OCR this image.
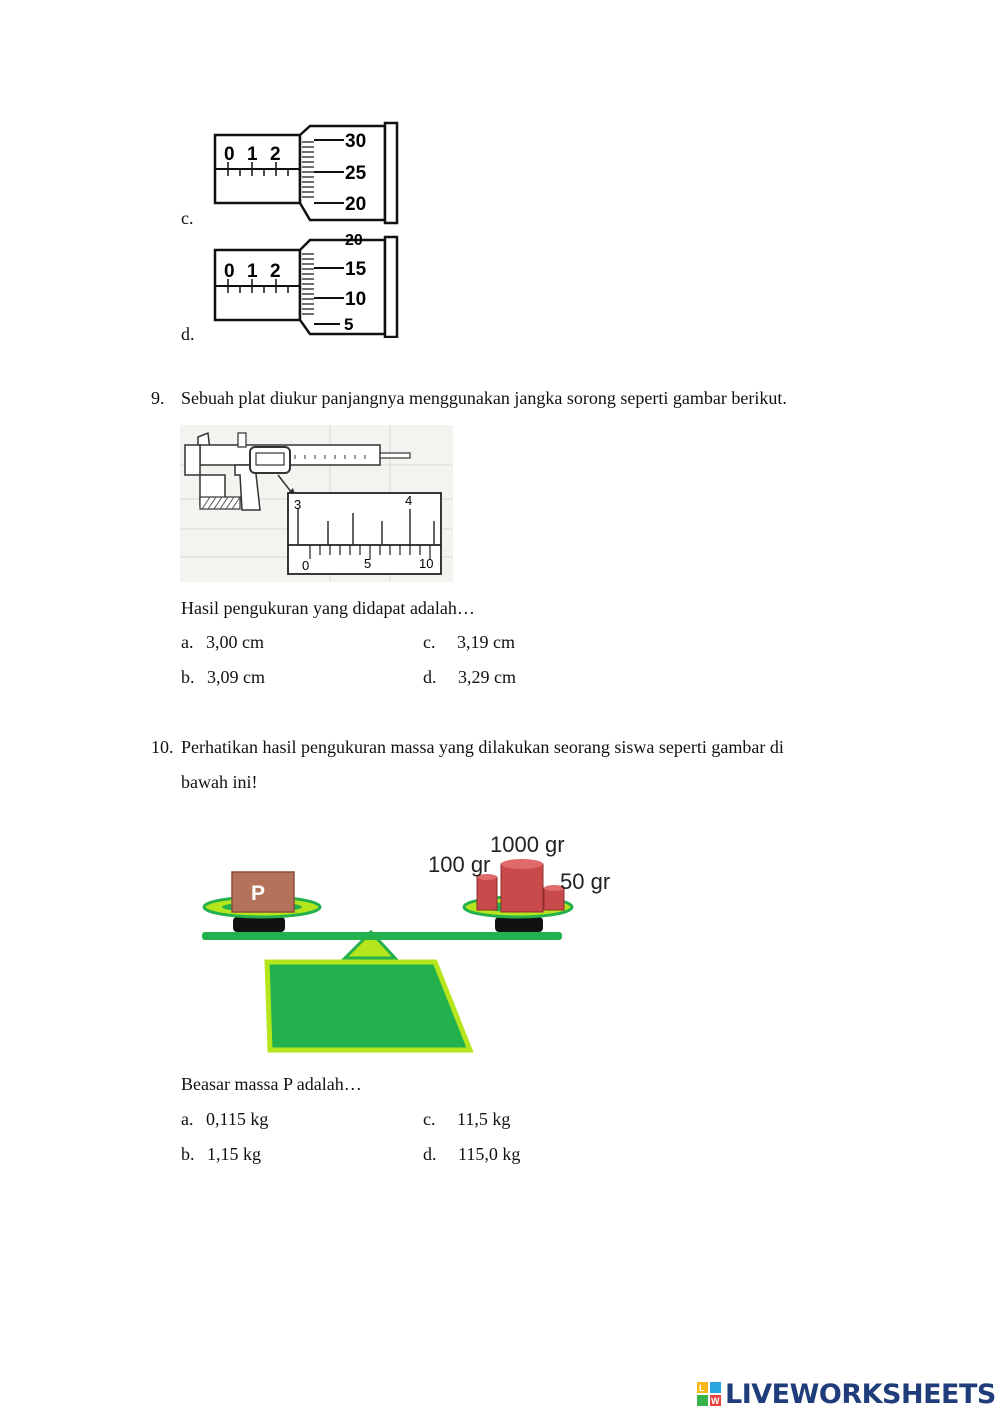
c.
0 1 2
30
25
20
d.
0 1 2
20
15
10
5
9. Sebuah plat diukur panjangnya menggunakan jangka sorong seperti gambar berikut.
3	4
0	5	10
Hasil pengukuran yang didapat adalah…
a. 3,00 cm
b. 3,09 cm
c. 3,19 cm
d. 3,29 cm
10. Perhatikan hasil pengukuran massa yang dilakukan seorang siswa seperti gambar di
bawah ini!
P
1000 gr
100 gr
50 gr
Beasar massa P adalah…
a. 0,115 kg
b. 1,15 kg
c. 11,5 kg
d. 115,0 kg
L
W LIVEWORKSHEETS
